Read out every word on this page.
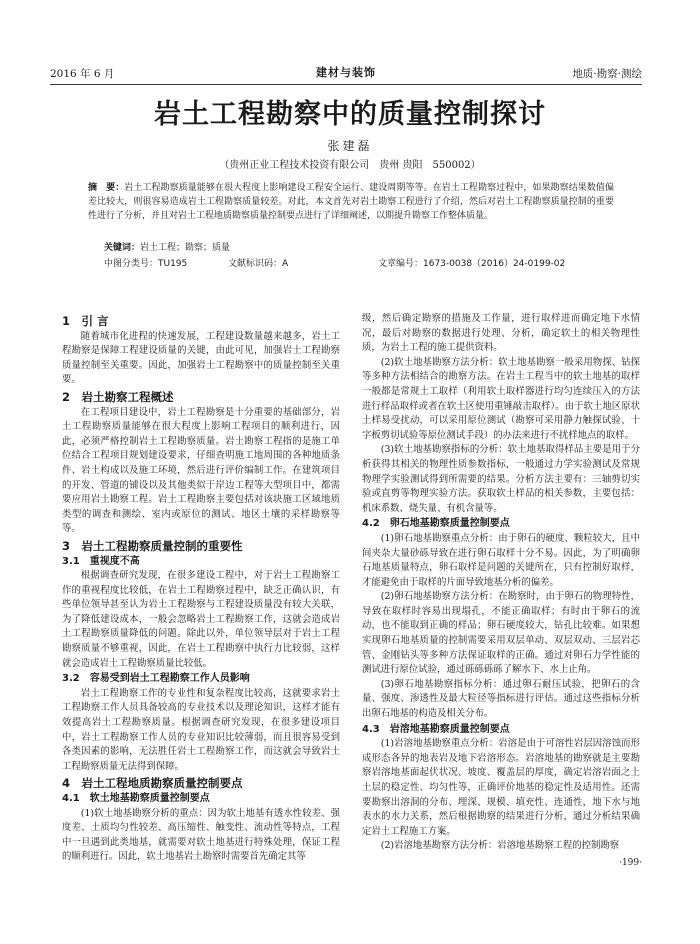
2016 年 6 月	建材与装饰	地质·勘察·测绘
岩土工程勘察中的质量控制探讨
张建磊
（贵州正业工程技术投资有限公司　贵州 贵阳　550002）
摘　要：岩土工程勘察质量能够在很大程度上影响建设工程安全运行、建设周期等等。在岩土工程勘察过程中，如果勘察结果数值偏差比较大，则很容易造成岩土工程勘察质量较差。对此，本文首先对岩土勘察工程进行了介绍，然后对岩土工程勘察质量控制的重要性进行了分析，并且对岩土工程地质勘察质量控制要点进行了详细阐述，以期提升勘察工作整体质量。
关键词：岩土工程；勘察；质量
中图分类号：TU195	文献标识码：A	文章编号：1673-0038（2016）24-0199-02
1　引 言

随着城市化进程的快速发展，工程建设数量越来越多，岩土工程勘察是保障工程建设质量的关键，由此可见，加强岩土工程勘察质量控制至关重要。因此，加强岩土工程勘察中的质量控制至关重要。

2　岩土勘察工程概述

在工程项目建设中，岩土工程勘察是十分重要的基础部分，岩土工程勘察质量能够在很大程度上影响工程项目的顺利进行，因此，必须严格控制岩土工程勘察质量。岩土勘察工程指的是施工单位结合工程项目规划建设要求，仔细查明施工地周围的各种地质条件、岩土构成以及施工环境，然后进行评价编制工作。在建筑项目的开发、管道的铺设以及其他类似于岸边工程等大型项目中，都需要应用岩土勘察工程。岩土工程勘察主要包括对该块施工区域地质类型的调查和测绘、室内或原位的测试、地区土壤的采样勘察等等。

3　岩土工程勘察质量控制的重要性
3.1　重视度不高

根据调查研究发现，在很多建设工程中，对于岩土工程勘察工作的重视程度比较低，在岩土工程勘察过程中，缺乏正确认识，有些单位领导甚至认为岩土工程勘察与工程建设质量没有较大关联，为了降低建设成本，一般会忽略岩土工程勘察工作，这就会造成岩土工程勘察质量降低的问题。除此以外，单位领导层对于岩土工程勘察质量不够重视，因此，在岩土工程勘察中执行力比较弱，这样就会造成岩土工程勘察质量比较低。

3.2　容易受到岩土工程勘察工作人员影响

岩土工程勘察工作的专业性和复杂程度比较高，这就要求岩土工程勘察工作人员具备较高的专业技术以及理论知识，这样才能有效提高岩土工程勘察质量。根据调查研究发现，在很多建设项目中，岩土工程勘察工作人员的专业知识比较薄弱，而且很容易受到各类因素的影响，无法胜任岩土工程勘察工作，而这就会导致岩土工程勘察质量无法得到保障。

4　岩土工程地质勘察质量控制要点
4.1　软土地基勘察质量控制要点

(1)软土地基勘察分析的重点：因为软土地基有透水性较差、强度差、土质均匀性较差、高压缩性、触变性、流动性等特点，工程中一旦遇到此类地基，就需要对软土地基进行特殊处理，保证工程的顺利进行。因此，软土地基岩土勘察时需要首先确定其等

级，然后确定勘察的措施及工作量，进行取样进而确定地下水情况，最后对勘察的数据进行处理、分析，确定软土的相关物理性质，为岩土工程的施工提供资料。

(2)软土地基勘察方法分析：软土地基勘察一般采用物探、钻探等多种方法相结合的勘察方法。在岩土工程当中的软土地基的取样一般都是常规土工取样（利用软土取样器进行均匀连续压入的方法进行样品取样或者在软土区使用重锤敲击取样）。由于软土地区原状土样易受扰动，可以采用原位测试（勘察可采用静力触探试验、十字板剪切试验等原位测试手段）的办法来进行不扰样地点的取样。

(3)软土地基勘察指标的分析：软土地基取得样品主要是用于分析获得其相关的物理性质参数指标，一般通过力学实验测试及常规物理学实验测试得到所需要的结果。分析方法主要有：三轴剪切实验或直剪等物理实验方法。获取软土样品的相关参数，主要包括：机床系数、烧失量、有机含量等。

4.2　卵石地基勘察质量控制要点

(1)卵石地基勘察重点分析：由于卵石的硬度、颗粒较大，且中间夹杂大量砂砾导致在进行卵石取样十分不易。因此，为了明确卵石地基质量特点，卵石取样是问题的关键所在，只有控制好取样，才能避免由于取样的片面导致地基分析的偏差。

(2)卵石地基勘察方法分析：在勘察时，由于卵石的物理特性，导致在取样时容易出现塌孔，不能正确取样；有时由于卵石的流动，也不能取到正确的样品；卵石硬度较大，钻孔比较难。如果想实现卵石地基质量的控制需要采用双层单动、双层双动、三层岩芯管、金刚钻头等多种方法保证取样的正确。通过对卵石力学性能的测试进行原位试验，通过砾砾砾砾了解水下、水上止角。

(3)卵石地基勘察指标分析：通过卵石耐压试验，把卵石的含量、强度、渗透性及最大粒径等指标进行评估。通过这些指标分析出卵石地基的构造及相关分布。

4.3　岩溶地基勘察质量控制要点

(1)岩溶地基勘察重点分析：岩溶是由于可溶性岩层因溶蚀而形成形态各异的地表岩及地下岩溶形态。岩溶地基的勘察就是主要勘察岩溶地基面起伏状况、坡度、覆盖层的厚度，确定岩溶岩面之上土层的稳定性、均匀性等，正确评价地基的稳定性及适用性。还需要勘察出溶洞的分布、埋深、规模、填充性、连通性，地下水与地表水的水力关系，然后根据勘察的结果进行分析，通过分析结果确定岩土工程施工方案。

(2)岩溶地基勘察方法分析：岩溶地基勘察工程的控制勘察

·199·
